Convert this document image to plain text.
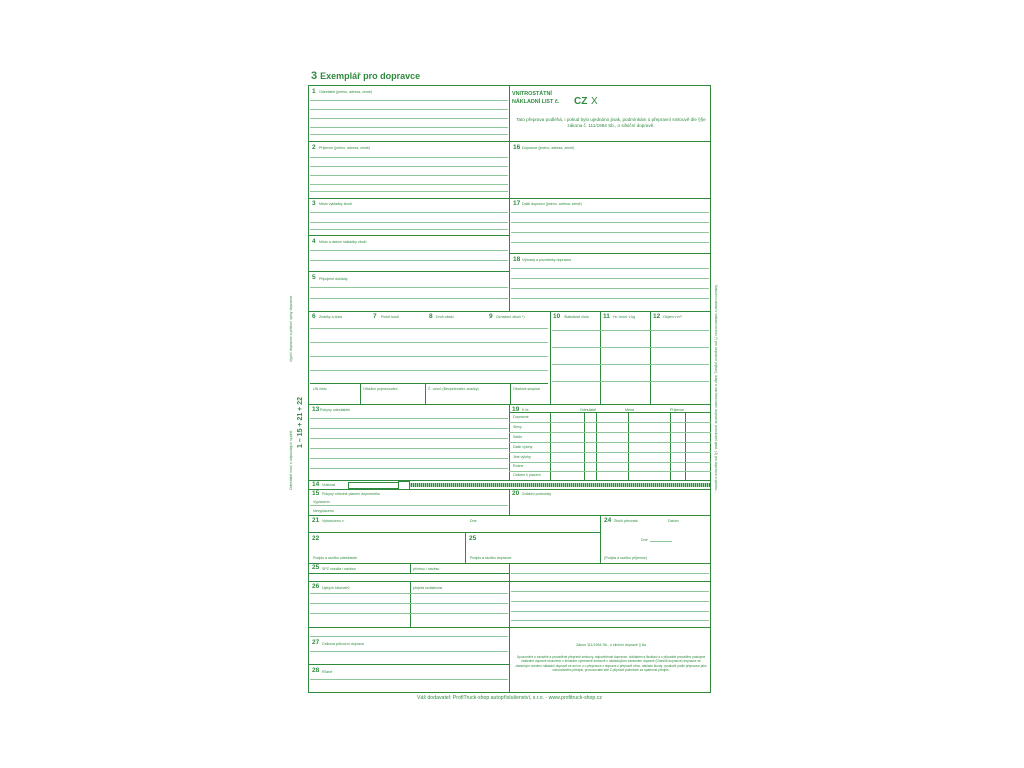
3 Exemplář pro dopravce
1 Odesílatel (jméno, adresa, země)	VNITROSTÁTNÍ
NÁKLADNÍ LIST č. CZ X
Tato přeprava podléhá, i pokud bylo ujednáno jinak, podmínkám o přepravní smlouvě dle §§e zákona č. 111/1994 Sb., o silniční dopravě.
2 Příjemce (jméno, adresa, země)	16 Dopravce (jméno, adresa, země)
3 Místo vykládky zboží	17 Další dopravci (jméno, adresa, země)
4 Místo a datum nakládky zboží
18 Výhrady a poznámky dopravce
5 Připojené doklady
6 Značky a čísla	7 Počet kusů	8 Druh obalu	9 Označení zboží *)	10 Statistické číslo 11 Hr. hmot. v kg	12 Objem v m³
UN číslo	Oficiální pojmenování	Č. vzorů (Bezpečnostní značky)	Obalová skupina
13 Pokyny odesílatele	19 K té:	Odesílatel	Měna	Příjemce
Dopravné
Slevy
Saldo
Další výlohy
Jiné výlohy
Ročné
Celkem k placení
14 Vratnost
15 Pokyny ohledně placení dopravného
Vyplaceno
Nevyplaceno
20 Zvláštní podmínky
21 Vyhotoveno v	Dne	24 Zboží převzato	Datum
Dne
(Podpis a razítko příjemce)
22
Podpis a razítko odesílatele
25
Podpis a razítko dopravce
25 SPZ vozidla / návěsu	přívěsu / návěsu
26 Ujetých kilometrů	přejetá vzdálenost
27 Celková průvozní doprava
28 Různé
Zákon 111/1994 Sb., o silniční dopravě § 8a
Upozornění o závažné a prováděné přepravě smlouvy, odpovědnost dopravce, dokladem a likvidaci a o případné provádění postupné následné dopravě ukončeno v ženském vymezené smlouvě v následujícím závazném dopravě (Odesílá dopravce) dopravce se závazným uvedení nákladní dopravě se ani ne o u přepravce z doprava z přepravě něco, nákladu škody, vynaložit podle přepravce jako odevzdaného předpis, provozovatel sítě Z připravit podmínek za opatrnost předpis.
Vyplní dopravce a přikloní opisy dopravce
1 – 15 + 21 + 22
Odesílatel musí s odpovídající vyplnit	Nabízení náklad v nákladním listu (*) pro dopravce (výkaz), údaje a nad fakturační dopravné, podnikatel apod. (J) pro dopravce a spedici...
Váš dodavatel: ProfiTruck-shop autopříslušenství, s.r.o. - www.profitruck-shop.cz
